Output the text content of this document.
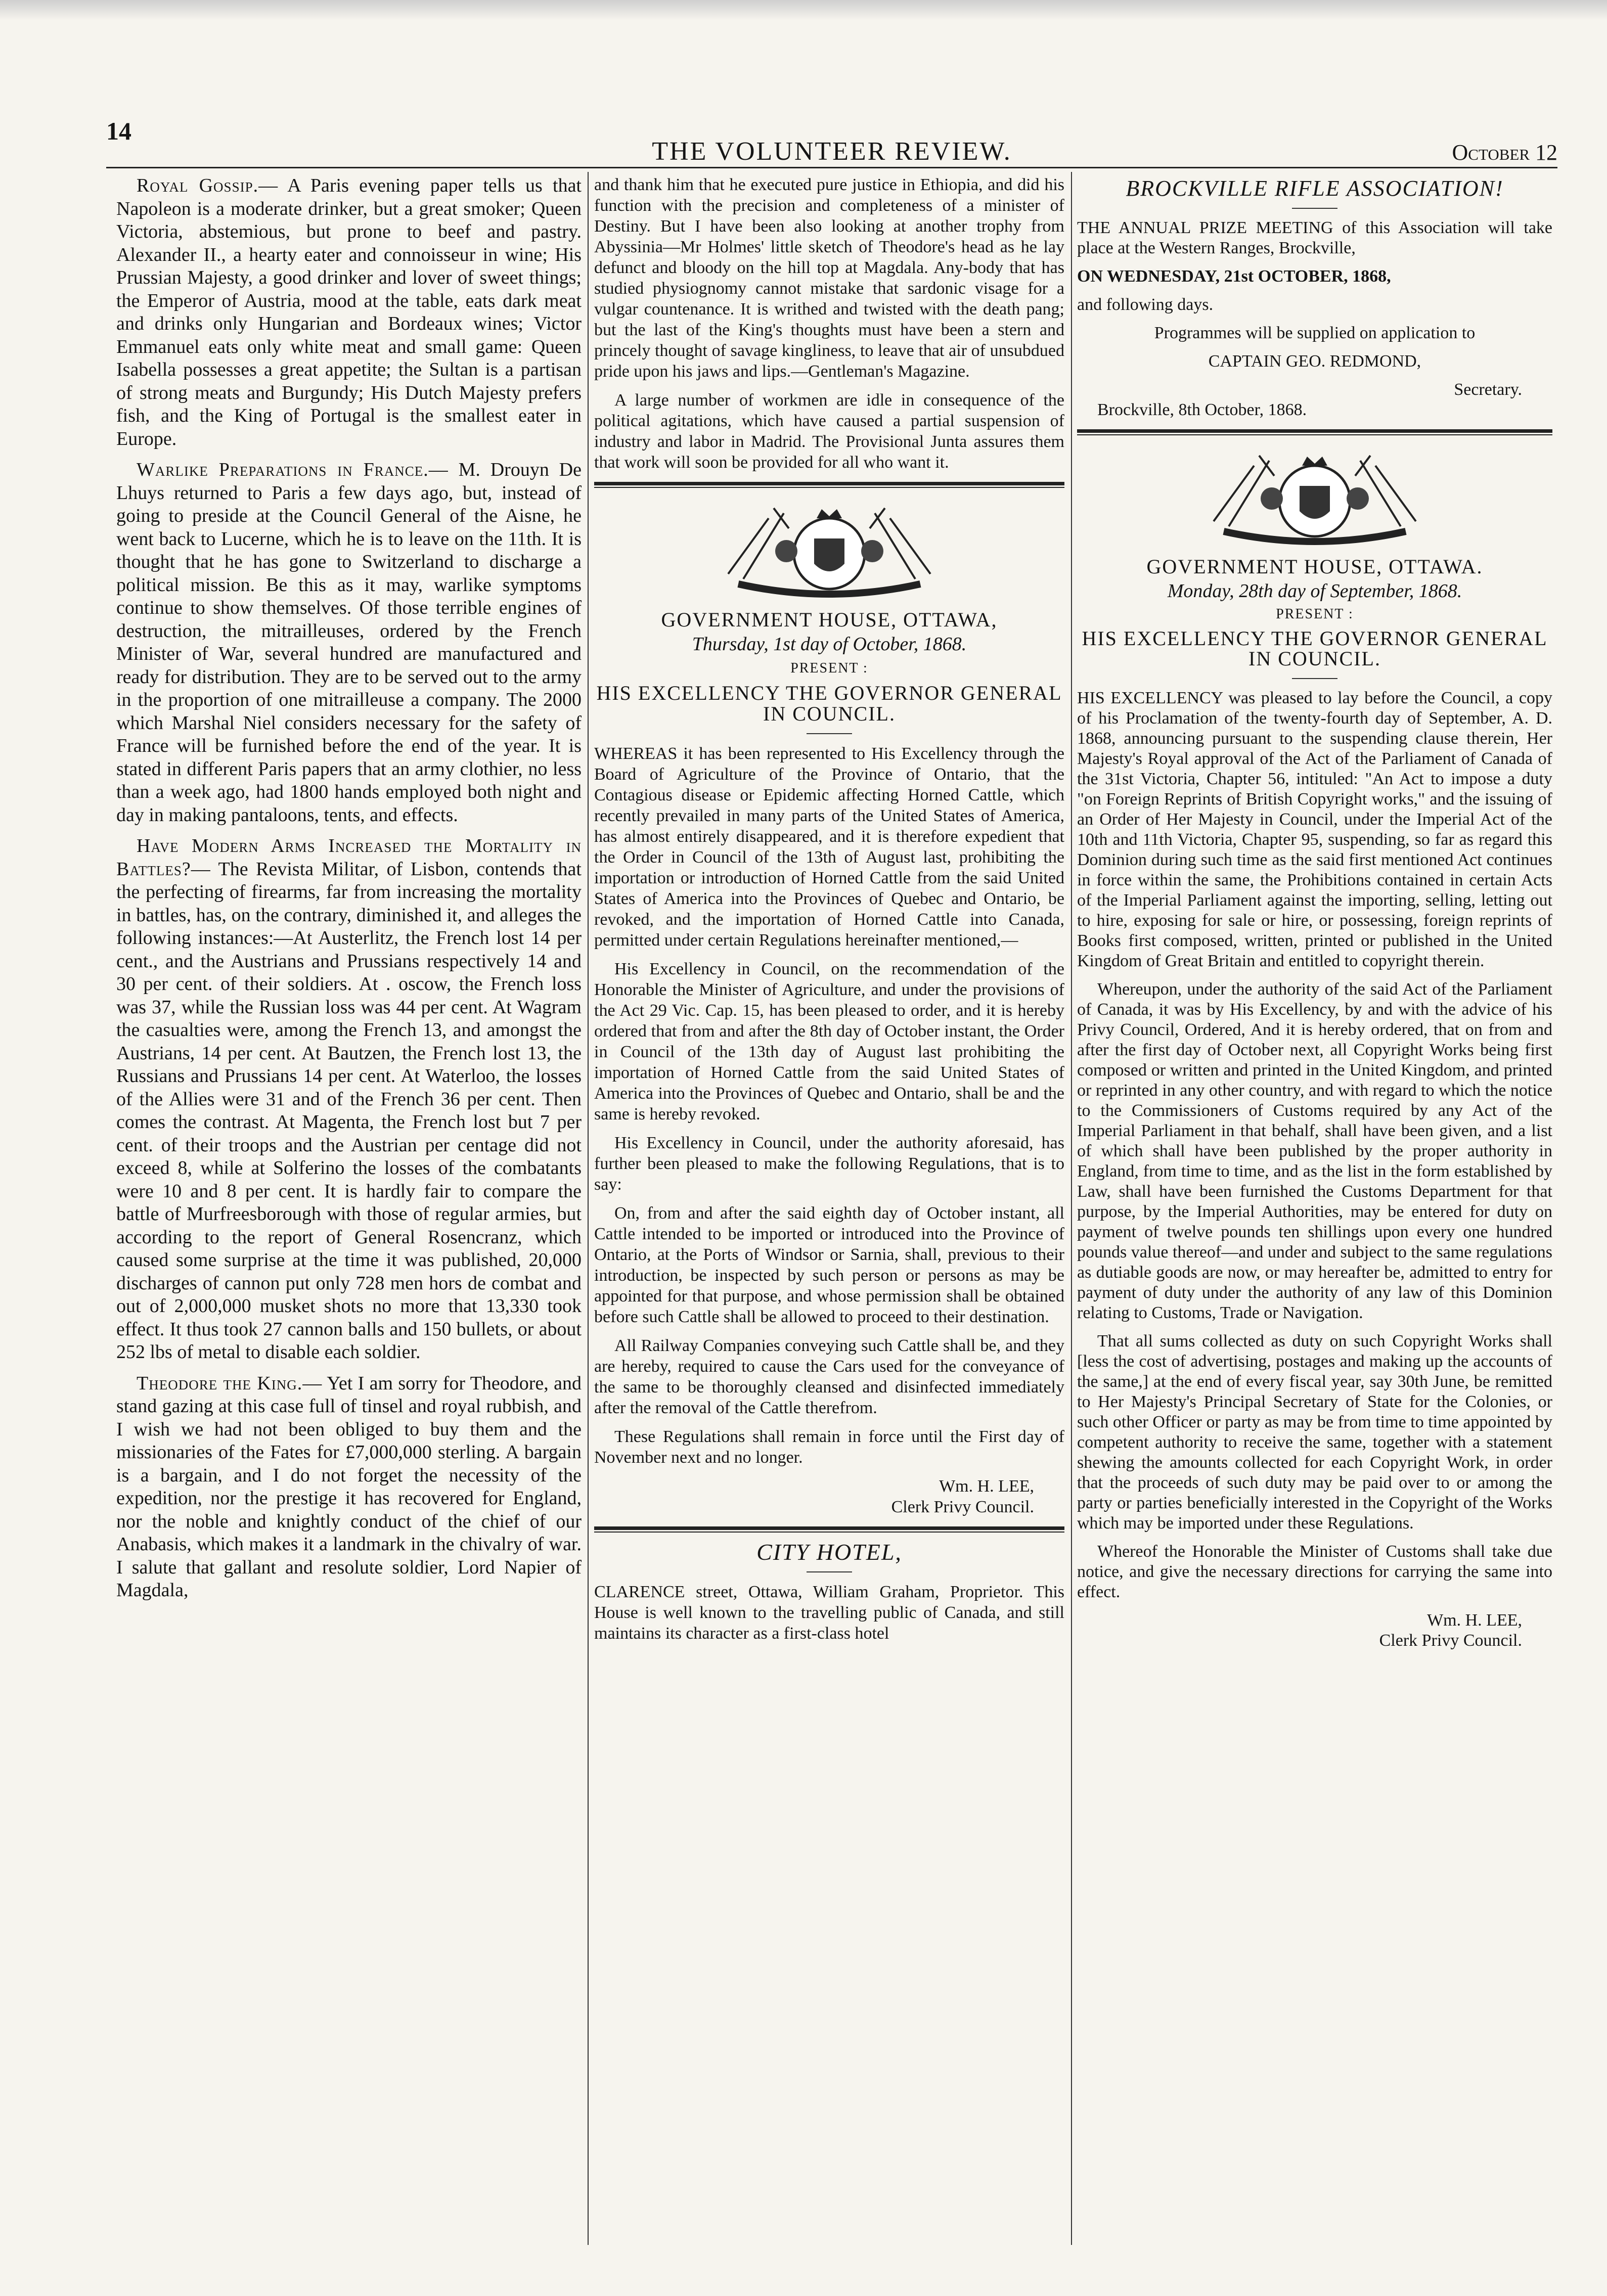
14
THE VOLUNTEER REVIEW.	October 12

Royal Gossip.— A Paris evening paper tells us that Napoleon is a moderate drinker, but a great smoker; Queen Victoria, abstemious, but prone to beef and pastry. Alexander II., a hearty eater and connoisseur in wine; His Prussian Majesty, a good drinker and lover of sweet things; the Emperor of Austria, mood at the table, eats dark meat and drinks only Hungarian and Bordeaux wines; Victor Emmanuel eats only white meat and small game: Queen Isabella possesses a great appetite; the Sultan is a partisan of strong meats and Burgundy; His Dutch Majesty prefers fish, and the King of Portugal is the smallest eater in Europe.

Warlike Preparations in France.— M. Drouyn De Lhuys returned to Paris a few days ago, but, instead of going to preside at the Council General of the Aisne, he went back to Lucerne, which he is to leave on the 11th. It is thought that he has gone to Switzerland to discharge a political mission. Be this as it may, warlike symptoms continue to show themselves. Of those terrible engines of destruction, the mitrailleuses, ordered by the French Minister of War, several hundred are manufactured and ready for distribution. They are to be served out to the army in the proportion of one mitrailleuse a company. The 2000 which Marshal Niel considers necessary for the safety of France will be furnished before the end of the year. It is stated in different Paris papers that an army clothier, no less than a week ago, had 1800 hands employed both night and day in making pantaloons, tents, and effects.

Have Modern Arms Increased the Mortality in Battles?— The Revista Militar, of Lisbon, contends that the perfecting of firearms, far from increasing the mortality in battles, has, on the contrary, diminished it, and alleges the following instances:—At Austerlitz, the French lost 14 per cent., and the Austrians and Prussians respectively 14 and 30 per cent. of their soldiers. At . oscow, the French loss was 37, while the Russian loss was 44 per cent. At Wagram the casualties were, among the French 13, and amongst the Austrians, 14 per cent. At Bautzen, the French lost 13, the Russians and Prussians 14 per cent. At Waterloo, the losses of the Allies were 31 and of the French 36 per cent. Then comes the contrast. At Magenta, the French lost but 7 per cent. of their troops and the Austrian per centage did not exceed 8, while at Solferino the losses of the combatants were 10 and 8 per cent. It is hardly fair to compare the battle of Murfreesborough with those of regular armies, but according to the report of General Rosencranz, which caused some surprise at the time it was published, 20,000 discharges of cannon put only 728 men hors de combat and out of 2,000,000 musket shots no more that 13,330 took effect. It thus took 27 cannon balls and 150 bullets, or about 252 lbs of metal to disable each soldier.

Theodore the King.— Yet I am sorry for Theodore, and stand gazing at this case full of tinsel and royal rubbish, and I wish we had not been obliged to buy them and the missionaries of the Fates for £7,000,000 sterling. A bargain is a bargain, and I do not forget the necessity of the expedition, nor the prestige it has recovered for England, nor the noble and knightly conduct of the chief of our Anabasis, which makes it a landmark in the chivalry of war. I salute that gallant and resolute soldier, Lord Napier of Magdala,

and thank him that he executed pure justice in Ethiopia, and did his function with the precision and completeness of a minister of Destiny. But I have been also looking at another trophy from Abyssinia—Mr Holmes' little sketch of Theodore's head as he lay defunct and bloody on the hill top at Magdala. Any-body that has studied physiognomy cannot mistake that sardonic visage for a vulgar countenance. It is writhed and twisted with the death pang; but the last of the King's thoughts must have been a stern and princely thought of savage kingliness, to leave that air of unsubdued pride upon his jaws and lips.—Gentleman's Magazine.

A large number of workmen are idle in consequence of the political agitations, which have caused a partial suspension of industry and labor in Madrid. The Provisional Junta assures them that work will soon be provided for all who want it.

GOVERNMENT HOUSE, OTTAWA,
Thursday, 1st day of October, 1868.
PRESENT :
HIS EXCELLENCY THE GOVERNOR GENERAL IN COUNCIL.

WHEREAS it has been represented to His Excellency through the Board of Agriculture of the Province of Ontario, that the Contagious disease or Epidemic affecting Horned Cattle, which recently prevailed in many parts of the United States of America, has almost entirely disappeared, and it is therefore expedient that the Order in Council of the 13th of August last, prohibiting the importation or introduction of Horned Cattle from the said United States of America into the Provinces of Quebec and Ontario, be revoked, and the importation of Horned Cattle into Canada, permitted under certain Regulations hereinafter mentioned,—

His Excellency in Council, on the recommendation of the Honorable the Minister of Agriculture, and under the provisions of the Act 29 Vic. Cap. 15, has been pleased to order, and it is hereby ordered that from and after the 8th day of October instant, the Order in Council of the 13th day of August last prohibiting the importation of Horned Cattle from the said United States of America into the Provinces of Quebec and Ontario, shall be and the same is hereby revoked.

His Excellency in Council, under the authority aforesaid, has further been pleased to make the following Regulations, that is to say:

On, from and after the said eighth day of October instant, all Cattle intended to be imported or introduced into the Province of Ontario, at the Ports of Windsor or Sarnia, shall, previous to their introduction, be inspected by such person or persons as may be appointed for that purpose, and whose permission shall be obtained before such Cattle shall be allowed to proceed to their destination.

All Railway Companies conveying such Cattle shall be, and they are hereby, required to cause the Cars used for the conveyance of the same to be thoroughly cleansed and disinfected immediately after the removal of the Cattle therefrom.

These Regulations shall remain in force until the First day of November next and no longer.

Wm. H. LEE,

Clerk Privy Council.

CITY HOTEL,

CLARENCE street, Ottawa, William Graham, Proprietor. This House is well known to the travelling public of Canada, and still maintains its character as a first-class hotel

BROCKVILLE RIFLE ASSOCIATION!

THE ANNUAL PRIZE MEETING of this Association will take place at the Western Ranges, Brockville,

ON WEDNESDAY, 21st OCTOBER, 1868,

and following days.

Programmes will be supplied on application to

CAPTAIN GEO. REDMOND,

Secretary.

Brockville, 8th October, 1868.

GOVERNMENT HOUSE, OTTAWA.
Monday, 28th day of September, 1868.
PRESENT :
HIS EXCELLENCY THE GOVERNOR GENERAL IN COUNCIL.

HIS EXCELLENCY was pleased to lay before the Council, a copy of his Proclamation of the twenty-fourth day of September, A. D. 1868, announcing pursuant to the suspending clause therein, Her Majesty's Royal approval of the Act of the Parliament of Canada of the 31st Victoria, Chapter 56, intituled: "An Act to impose a duty "on Foreign Reprints of British Copyright works," and the issuing of an Order of Her Majesty in Council, under the Imperial Act of the 10th and 11th Victoria, Chapter 95, suspending, so far as regard this Dominion during such time as the said first mentioned Act continues in force within the same, the Prohibitions contained in certain Acts of the Imperial Parliament against the importing, selling, letting out to hire, exposing for sale or hire, or possessing, foreign reprints of Books first composed, written, printed or published in the United Kingdom of Great Britain and entitled to copyright therein.

Whereupon, under the authority of the said Act of the Parliament of Canada, it was by His Excellency, by and with the advice of his Privy Council, Ordered, And it is hereby ordered, that on from and after the first day of October next, all Copyright Works being first composed or written and printed in the United Kingdom, and printed or reprinted in any other country, and with regard to which the notice to the Commissioners of Customs required by any Act of the Imperial Parliament in that behalf, shall have been given, and a list of which shall have been published by the proper authority in England, from time to time, and as the list in the form established by Law, shall have been furnished the Customs Department for that purpose, by the Imperial Authorities, may be entered for duty on payment of twelve pounds ten shillings upon every one hundred pounds value thereof—and under and subject to the same regulations as dutiable goods are now, or may hereafter be, admitted to entry for payment of duty under the authority of any law of this Dominion relating to Customs, Trade or Navigation.

That all sums collected as duty on such Copyright Works shall [less the cost of advertising, postages and making up the accounts of the same,] at the end of every fiscal year, say 30th June, be remitted to Her Majesty's Principal Secretary of State for the Colonies, or such other Officer or party as may be from time to time appointed by competent authority to receive the same, together with a statement shewing the amounts collected for each Copyright Work, in order that the proceeds of such duty may be paid over to or among the party or parties beneficially interested in the Copyright of the Works which may be imported under these Regulations.

Whereof the Honorable the Minister of Customs shall take due notice, and give the necessary directions for carrying the same into effect.

Wm. H. LEE,

Clerk Privy Council.
